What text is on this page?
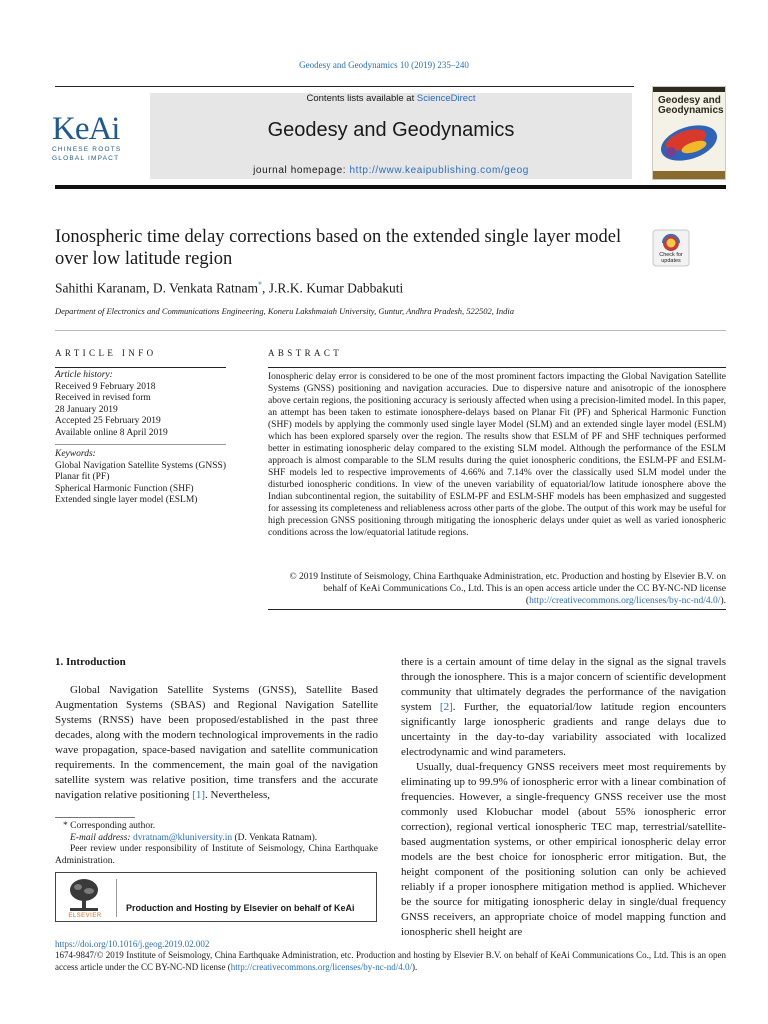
Geodesy and Geodynamics 10 (2019) 235–240
KeAi
CHINESE ROOTS
GLOBAL IMPACT
Contents lists available at ScienceDirect
Geodesy and Geodynamics
journal homepage: http://www.keaipublishing.com/geog
Geodesy and
Geodynamics
Ionospheric time delay corrections based on the extended single layer model over low latitude region	Check for
updates
Sahithi Karanam, D. Venkata Ratnam*, J.R.K. Kumar Dabbakuti
Department of Electronics and Communications Engineering, Koneru Lakshmaiah University, Guntur, Andhra Pradesh, 522502, India
ARTICLE INFO	ABSTRACT
Article history:
Received 9 February 2018
Received in revised form
28 January 2019
Accepted 25 February 2019
Available online 8 April 2019
Keywords:
Global Navigation Satellite Systems (GNSS)
Planar fit (PF)
Spherical Harmonic Function (SHF)
Extended single layer model (ESLM)
Ionospheric delay error is considered to be one of the most prominent factors impacting the Global Navigation Satellite Systems (GNSS) positioning and navigation accuracies. Due to dispersive nature and anisotropic of the ionosphere above certain regions, the positioning accuracy is seriously affected when using a precision-limited model. In this paper, an attempt has been taken to estimate ionosphere-delays based on Planar Fit (PF) and Spherical Harmonic Function (SHF) models by applying the commonly used single layer Model (SLM) and an extended single layer model (ESLM) which has been explored sparsely over the region. The results show that ESLM of PF and SHF techniques performed better in estimating ionospheric delay compared to the existing SLM model. Although the performance of the ESLM approach is almost comparable to the SLM results during the quiet ionospheric conditions, the ESLM-PF and ESLM-SHF models led to respective improvements of 4.66% and 7.14% over the classically used SLM model under the disturbed ionospheric conditions. In view of the uneven variability of equatorial/low latitude ionosphere above the Indian subcontinental region, the suitability of ESLM-PF and ESLM-SHF models has been emphasized and suggested for assessing its completeness and reliableness across other parts of the globe. The output of this work may be useful for high precession GNSS positioning through mitigating the ionospheric delays under quiet as well as varied ionospheric conditions across the low/equatorial latitude regions.
© 2019 Institute of Seismology, China Earthquake Administration, etc. Production and hosting by Elsevier B.V. on behalf of KeAi Communications Co., Ltd. This is an open access article under the CC BY-NC-ND license (http://creativecommons.org/licenses/by-nc-nd/4.0/).
1. Introduction
Global Navigation Satellite Systems (GNSS), Satellite Based Augmentation Systems (SBAS) and Regional Navigation Satellite Systems (RNSS) have been proposed/established in the past three decades, along with the modern technological improvements in the radio wave propagation, space-based navigation and satellite communication requirements. In the commencement, the main goal of the navigation satellite system was relative position, time transfers and the accurate navigation relative positioning [1]. Nevertheless,
* Corresponding author.
E-mail address: dvratnam@kluniversity.in (D. Venkata Ratnam).
Peer review under responsibility of Institute of Seismology, China Earthquake Administration.
ELSEVIER
Production and Hosting by Elsevier on behalf of KeAi

there is a certain amount of time delay in the signal as the signal travels through the ionosphere. This is a major concern of scientific development community that ultimately degrades the performance of the navigation system [2]. Further, the equatorial/low latitude region encounters significantly large ionospheric gradients and range delays due to uncertainty in the day-to-day variability associated with localized electrodynamic and wind parameters.

Usually, dual-frequency GNSS receivers meet most requirements by eliminating up to 99.9% of ionospheric error with a linear combination of frequencies. However, a single-frequency GNSS receiver use the most commonly used Klobuchar model (about 55% ionospheric error correction), regional vertical ionospheric TEC map, terrestrial/satellite-based augmentation systems, or other empirical ionospheric delay error models are the best choice for ionospheric error mitigation. But, the height component of the positioning solution can only be achieved reliably if a proper ionosphere mitigation method is applied. Whichever be the source for mitigating ionospheric delay in single/dual frequency GNSS receivers, an appropriate choice of model mapping function and ionospheric shell height are

https://doi.org/10.1016/j.geog.2019.02.002
1674-9847/© 2019 Institute of Seismology, China Earthquake Administration, etc. Production and hosting by Elsevier B.V. on behalf of KeAi Communications Co., Ltd. This is an open access article under the CC BY-NC-ND license (http://creativecommons.org/licenses/by-nc-nd/4.0/).
